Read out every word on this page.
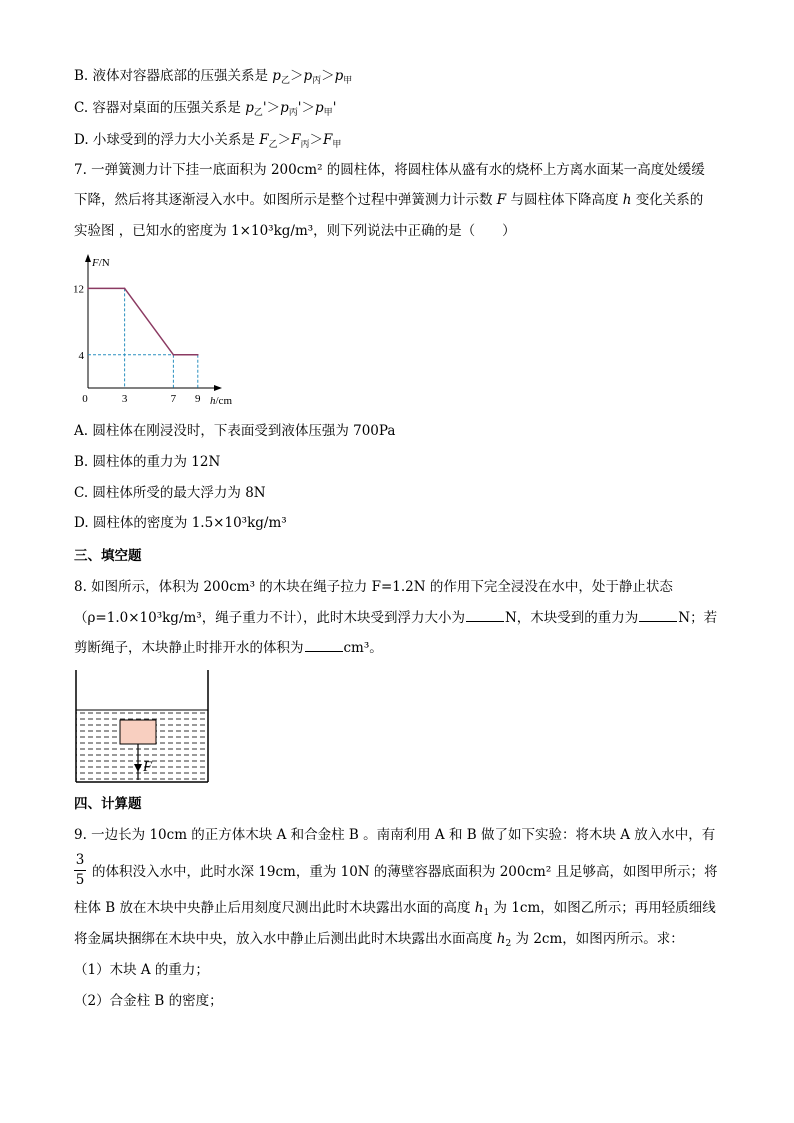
B. 液体对容器底部的压强关系是 $p_乙>p_丙>p_甲$
C. 容器对桌面的压强关系是 $p_乙'>p_丙'>p_甲'$
D. 小球受到的浮力大小关系是 $F_乙>F_丙>F_甲$
7. 一弹簧测力计下挂一底面积为 200cm² 的圆柱体，将圆柱体从盛有水的烧杯上方离水面某一高度处缓缓
下降，然后将其逐渐浸入水中。如图所示是整个过程中弹簧测力计示数 F 与圆柱体下降高度 h 变化关系的
实验图 ，已知水的密度为 1×10³kg/m³，则下列说法中正确的是（　　）
F/N
h/cm
0	3	7 9
4
12
A. 圆柱体在刚浸没时，下表面受到液体压强为 700Pa
B. 圆柱体的重力为 12N
C. 圆柱体所受的最大浮力为 8N
D. 圆柱体的密度为 1.5×10³kg/m³
三、填空题
8. 如图所示，体积为 200cm³ 的木块在绳子拉力 F=1.2N 的作用下完全浸没在水中，处于静止状态
（ρ=1.0×10³kg/m³，绳子重力不计），此时木块受到浮力大小为	N，木块受到的重力为	N；若
剪断绳子，木块静止时排开水的体积为	cm³。
F
四、计算题
9. 一边长为 10cm 的正方体木块 A 和合金柱 B 。南南利用 A 和 B 做了如下实验：将木块 A 放入水中，有
3
5 的体积没入水中，此时水深 19cm，重为 10N 的薄壁容器底面积为 200cm² 且足够高，如图甲所示；将
柱体 B 放在木块中央静止后用刻度尺测出此时木块露出水面的高度 $h_1$ 为 1cm，如图乙所示；再用轻质细线
将金属块捆绑在木块中央，放入水中静止后测出此时木块露出水面高度 $h_2$ 为 2cm，如图丙所示。求：
（1）木块 A 的重力；
（2）合金柱 B 的密度；
